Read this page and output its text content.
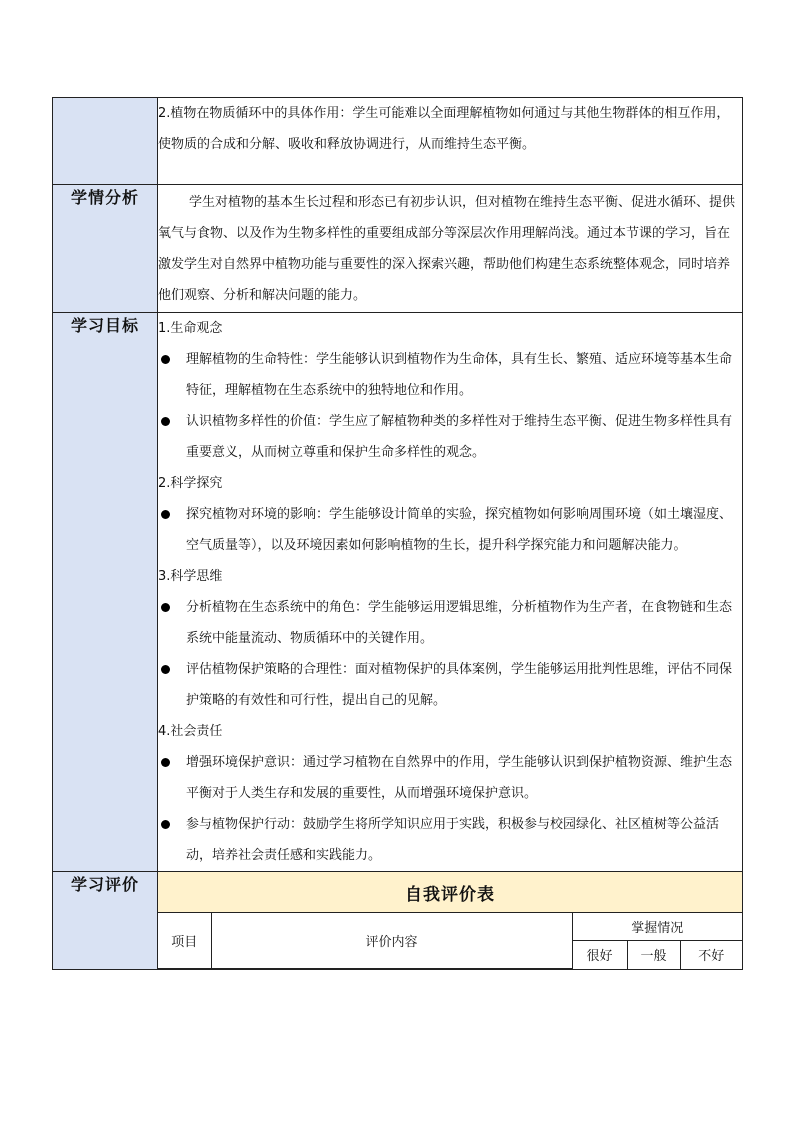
2.植物在物质循环中的具体作用：学生可能难以全面理解植物如何通过与其他生物群体的相互作用，使物质的合成和分解、吸收和释放协调进行，从而维持生态平衡。

学情分析	学生对植物的基本生长过程和形态已有初步认识，但对植物在维持生态平衡、促进水循环、提供氧气与食物、以及作为生物多样性的重要组成部分等深层次作用理解尚浅。通过本节课的学习，旨在激发学生对自然界中植物功能与重要性的深入探索兴趣，帮助他们构建生态系统整体观念，同时培养他们观察、分析和解决问题的能力。

学习目标	1.生命观念

理解植物的生命特性：学生能够认识到植物作为生命体，具有生长、繁殖、适应环境等基本生命特征，理解植物在生态系统中的独特地位和作用。
认识植物多样性的价值：学生应了解植物种类的多样性对于维持生态平衡、促进生物多样性具有重要意义，从而树立尊重和保护生命多样性的观念。

2.科学探究

探究植物对环境的影响：学生能够设计简单的实验，探究植物如何影响周围环境（如土壤湿度、空气质量等），以及环境因素如何影响植物的生长，提升科学探究能力和问题解决能力。

3.科学思维

分析植物在生态系统中的角色：学生能够运用逻辑思维，分析植物作为生产者，在食物链和生态系统中能量流动、物质循环中的关键作用。
评估植物保护策略的合理性：面对植物保护的具体案例，学生能够运用批判性思维，评估不同保护策略的有效性和可行性，提出自己的见解。

4.社会责任

增强环境保护意识：通过学习植物在自然界中的作用，学生能够认识到保护植物资源、维护生态平衡对于人类生存和发展的重要性，从而增强环境保护意识。
参与植物保护行动：鼓励学生将所学知识应用于实践，积极参与校园绿化、社区植树等公益活动，培养社会责任感和实践能力。

学习评价		自我评价表
项目	评价内容	掌握情况
很好	一般	不好
